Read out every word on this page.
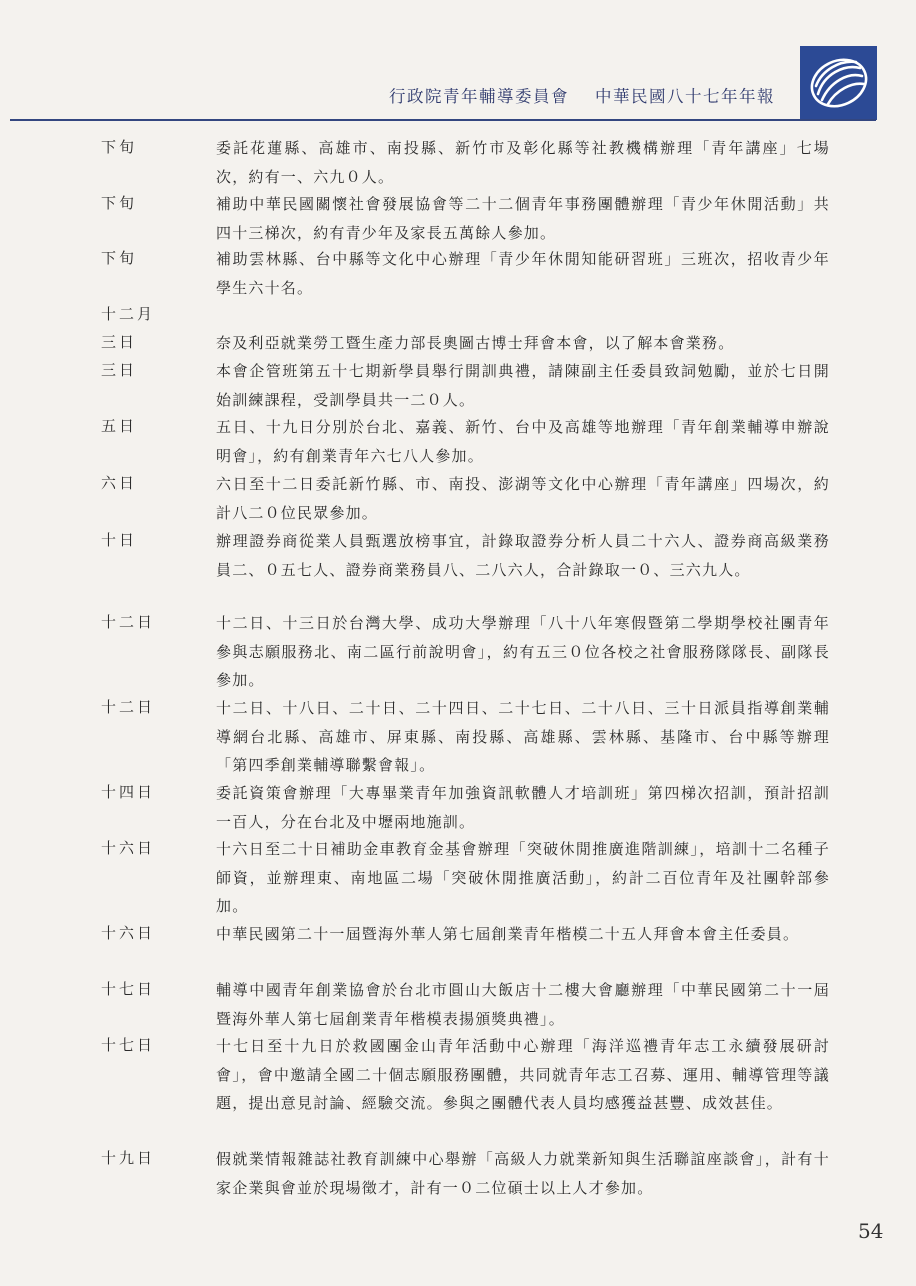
行政院青年輔導委員會 中華民國八十七年年報
下旬	委託花蓮縣、高雄市、南投縣、新竹市及彰化縣等社教機構辦理「青年講座」七場次，約有一、六九０人。
下旬	補助中華民國關懷社會發展協會等二十二個青年事務團體辦理「青少年休閒活動」共四十三梯次，約有青少年及家長五萬餘人參加。
下旬	補助雲林縣、台中縣等文化中心辦理「青少年休閒知能研習班」三班次，招收青少年學生六十名。
十二月
三日	奈及利亞就業勞工暨生產力部長奧圖古博士拜會本會，以了解本會業務。
三日	本會企管班第五十七期新學員舉行開訓典禮，請陳副主任委員致詞勉勵，並於七日開始訓練課程，受訓學員共一二０人。
五日	五日、十九日分別於台北、嘉義、新竹、台中及高雄等地辦理「青年創業輔導申辦說明會」，約有創業青年六七八人參加。
六日	六日至十二日委託新竹縣、市、南投、澎湖等文化中心辦理「青年講座」四場次，約計八二０位民眾參加。
十日	辦理證券商從業人員甄選放榜事宜，計錄取證券分析人員二十六人、證券商高級業務員二、０五七人、證券商業務員八、二八六人，合計錄取一０、三六九人。
十二日	十二日、十三日於台灣大學、成功大學辦理「八十八年寒假暨第二學期學校社團青年參與志願服務北、南二區行前說明會」，約有五三０位各校之社會服務隊隊長、副隊長參加。
十二日	十二日、十八日、二十日、二十四日、二十七日、二十八日、三十日派員指導創業輔導網台北縣、高雄市、屏東縣、南投縣、高雄縣、雲林縣、基隆市、台中縣等辦理「第四季創業輔導聯繫會報」。
十四日	委託資策會辦理「大專畢業青年加強資訊軟體人才培訓班」第四梯次招訓，預計招訓一百人，分在台北及中壢兩地施訓。
十六日	十六日至二十日補助金車教育金基會辦理「突破休閒推廣進階訓練」，培訓十二名種子師資，並辦理東、南地區二場「突破休閒推廣活動」，約計二百位青年及社團幹部參加。
十六日	中華民國第二十一屆暨海外華人第七屆創業青年楷模二十五人拜會本會主任委員。
十七日	輔導中國青年創業協會於台北市圓山大飯店十二樓大會廳辦理「中華民國第二十一屆暨海外華人第七屆創業青年楷模表揚頒獎典禮」。
十七日	十七日至十九日於救國團金山青年活動中心辦理「海洋巡禮青年志工永續發展研討會」，會中邀請全國二十個志願服務團體，共同就青年志工召募、運用、輔導管理等議題，提出意見討論、經驗交流。參與之團體代表人員均感獲益甚豐、成效甚佳。
十九日	假就業情報雜誌社教育訓練中心舉辦「高級人力就業新知與生活聯誼座談會」，計有十家企業與會並於現場徵才，計有一０二位碩士以上人才參加。
54
